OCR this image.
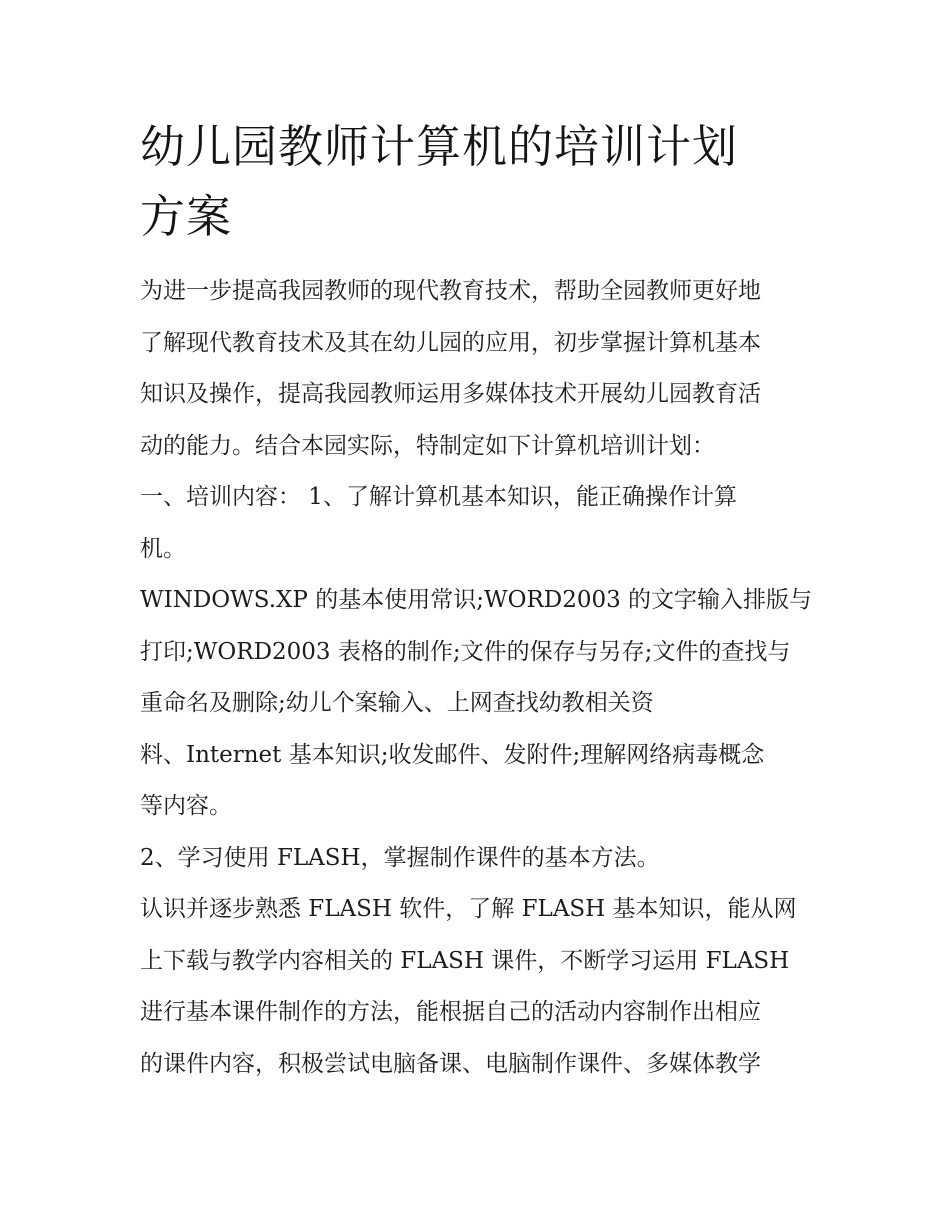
幼儿园教师计算机的培训计划
方案

为进一步提高我园教师的现代教育技术，帮助全园教师更好地
了解现代教育技术及其在幼儿园的应用，初步掌握计算机基本
知识及操作，提高我园教师运用多媒体技术开展幼儿园教育活
动的能力。结合本园实际，特制定如下计算机培训计划：

一、培训内容： 1、了解计算机基本知识，能正确操作计算
机。

WINDOWS.XP 的基本使用常识;WORD2003 的文字输入排版与
打印;WORD2003 表格的制作;文件的保存与另存;文件的查找与
重命名及删除;幼儿个案输入、上网查找幼教相关资
料、Internet 基本知识;收发邮件、发附件;理解网络病毒概念
等内容。

2、学习使用 FLASH，掌握制作课件的基本方法。

认识并逐步熟悉 FLASH 软件，了解 FLASH 基本知识，能从网
上下载与教学内容相关的 FLASH 课件，不断学习运用 FLASH
进行基本课件制作的方法，能根据自己的活动内容制作出相应
的课件内容，积极尝试电脑备课、电脑制作课件、多媒体教学
